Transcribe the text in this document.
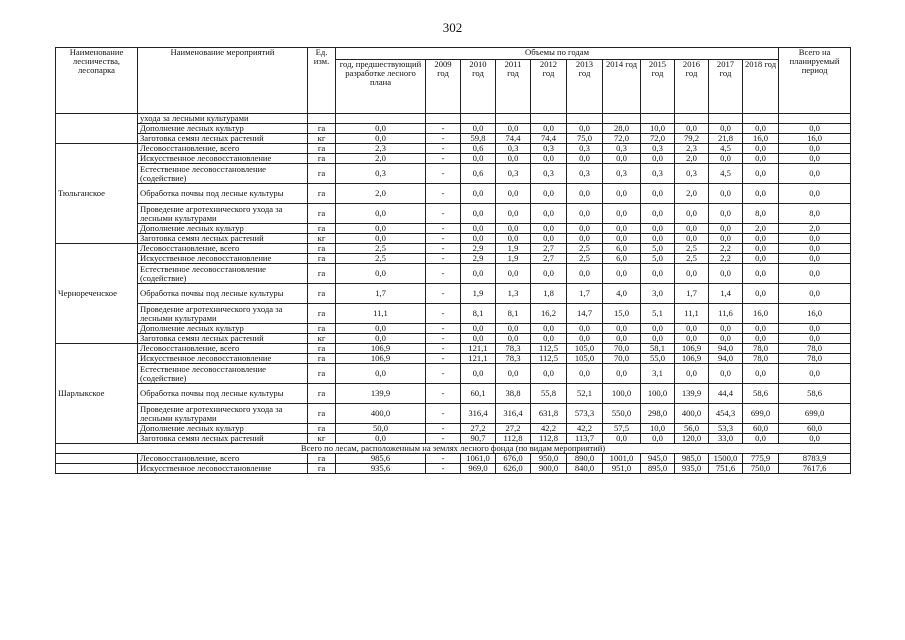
302
Наименование лесничества, лесопарка	Наименование мероприятий	Ед. изм.	Объемы по годам											Всего на планируемый период
			год, предшествующий разработке лесного плана	2009 год	2010 год	2011 год	2012 год	2013 год	2014 год	2015 год	2016 год	2017 год	2018 год	
	ухода за лесными культурами													
	Дополнение лесных культур	га	0,0	-	0,0	0,0	0,0	0,0	28,0	10,0	0,0	0,0	0,0	0,0
	Заготовка семян лесных растений	кг	0,0	-	59,8	74,4	74,4	75,0	72,0	72,0	79,2	21,8	16,0	16,0
Тюльганское	Лесовосстановление, всего	га	2,3	-	0,6	0,3	0,3	0,3	0,3	0,3	2,3	4,5	0,0	0,0
	Искусственное лесовосстановление	га	2,0	-	0,0	0,0	0,0	0,0	0,0	0,0	2,0	0,0	0,0	0,0
	Естественное лесовосстановление (содействие)	га	0,3	-	0,6	0,3	0,3	0,3	0,3	0,3	0,3	4,5	0,0	0,0
	Обработка почвы под лесные культуры	га	2,0	-	0,0	0,0	0,0	0,0	0,0	0,0	2,0	0,0	0,0	0,0
	Проведение агротехнического ухода за лесными культурами	га	0,0	-	0,0	0,0	0,0	0,0	0,0	0,0	0,0	0,0	8,0	8,0
	Дополнение лесных культур	га	0,0	-	0,0	0,0	0,0	0,0	0,0	0,0	0,0	0,0	2,0	2,0
	Заготовка семян лесных растений	кг	0,0	-	0,0	0,0	0,0	0,0	0,0	0,0	0,0	0,0	0,0	0,0
Чернореченское	Лесовосстановление, всего	га	2,5	-	2,9	1,9	2,7	2,5	6,0	5,0	2,5	2,2	0,0	0,0
	Искусственное лесовосстановление	га	2,5	-	2,9	1,9	2,7	2,5	6,0	5,0	2,5	2,2	0,0	0,0
	Естественное лесовосстановление (содействие)	га	0,0	-	0,0	0,0	0,0	0,0	0,0	0,0	0,0	0,0	0,0	0,0
	Обработка почвы под лесные культуры	га	1,7	-	1,9	1,3	1,8	1,7	4,0	3,0	1,7	1,4	0,0	0,0
	Проведение агротехнического ухода за лесными культурами	га	11,1	-	8,1	8,1	16,2	14,7	15,0	5,1	11,1	11,6	16,0	16,0
	Дополнение лесных культур	га	0,0	-	0,0	0,0	0,0	0,0	0,0	0,0	0,0	0,0	0,0	0,0
	Заготовка семян лесных растений	кг	0,0	-	0,0	0,0	0,0	0,0	0,0	0,0	0,0	0,0	0,0	0,0
Шарлыкское	Лесовосстановление, всего	га	106,9	-	121,1	78,3	112,5	105,0	70,0	58,1	106,9	94,0	78,0	78,0
	Искусственное лесовосстановление	га	106,9	-	121,1	78,3	112,5	105,0	70,0	55,0	106,9	94,0	78,0	78,0
	Естественное лесовосстановление (содействие)	га	0,0	-	0,0	0,0	0,0	0,0	0,0	3,1	0,0	0,0	0,0	0,0
	Обработка почвы под лесные культуры	га	139,9	-	60,1	38,8	55,8	52,1	100,0	100,0	139,9	44,4	58,6	58,6
	Проведение агротехнического ухода за лесными культурами	га	400,0	-	316,4	316,4	631,8	573,3	550,0	298,0	400,0	454,3	699,0	699,0
	Дополнение лесных культур	га	50,0	-	27,2	27,2	42,2	42,2	57,5	10,0	56,0	53,3	60,0	60,0
	Заготовка семян лесных растений	кг	0,0	-	90,7	112,8	112,8	113,7	0,0	0,0	120,0	33,0	0,0	0,0
Всего по лесам, расположенным на землях лесного фонда (по видам мероприятий)														
	Лесовосстановление, всего	га	985,6	-	1061,0	676,0	950,0	890,0	1001,0	945,0	985,0	1500,0	775,9	8783,9
	Искусственное лесовосстановление	га	935,6	-	969,0	626,0	900,0	840,0	951,0	895,0	935,0	751,6	750,0	7617,6
